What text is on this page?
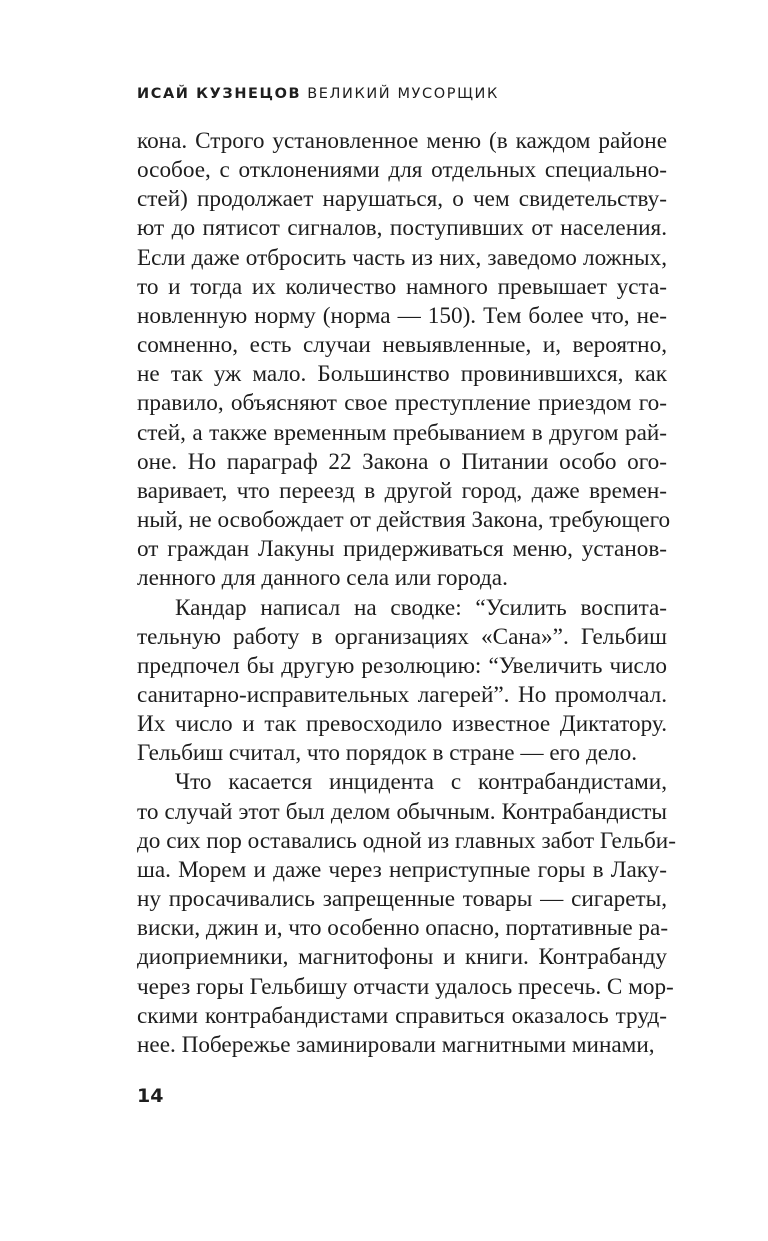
ИСАЙ КУЗНЕЦОВ ВЕЛИКИЙ МУСОРЩИК
кона. Строго установленное меню (в каждом районе
особое, с отклонениями для отдельных специально-
стей) продолжает нарушаться, о чем свидетельству-
ют до пятисот сигналов, поступивших от населения.
Если даже отбросить часть из них, заведомо ложных,
то и тогда их количество намного превышает уста-
новленную норму (норма — 150). Тем более что, не-
сомненно, есть случаи невыявленные, и, вероятно,
не так уж мало. Большинство провинившихся, как
правило, объясняют свое преступление приездом го-
стей, а также временным пребыванием в другом рай-
оне. Но параграф 22 Закона о Питании особо ого-
варивает, что переезд в другой город, даже времен-
ный, не освобождает от действия Закона, требующего
от граждан Лакуны придерживаться меню, установ-
ленного для данного села или города.
Кандар написал на сводке: “Усилить воспита-
тельную работу в организациях «Сана»”. Гельбиш
предпочел бы другую резолюцию: “Увеличить число
санитарно-исправительных лагерей”. Но промолчал.
Их число и так превосходило известное Диктатору.
Гельбиш считал, что порядок в стране — его дело.
Что касается инцидента с контрабандистами,
то случай этот был делом обычным. Контрабандисты
до сих пор оставались одной из главных забот Гельби-
ша. Морем и даже через неприступные горы в Лаку-
ну просачивались запрещенные товары — сигареты,
виски, джин и, что особенно опасно, портативные ра-
диоприемники, магнитофоны и книги. Контрабанду
через горы Гельбишу отчасти удалось пресечь. С мор-
скими контрабандистами справиться оказалось труд-
нее. Побережье заминировали магнитными минами,
14
